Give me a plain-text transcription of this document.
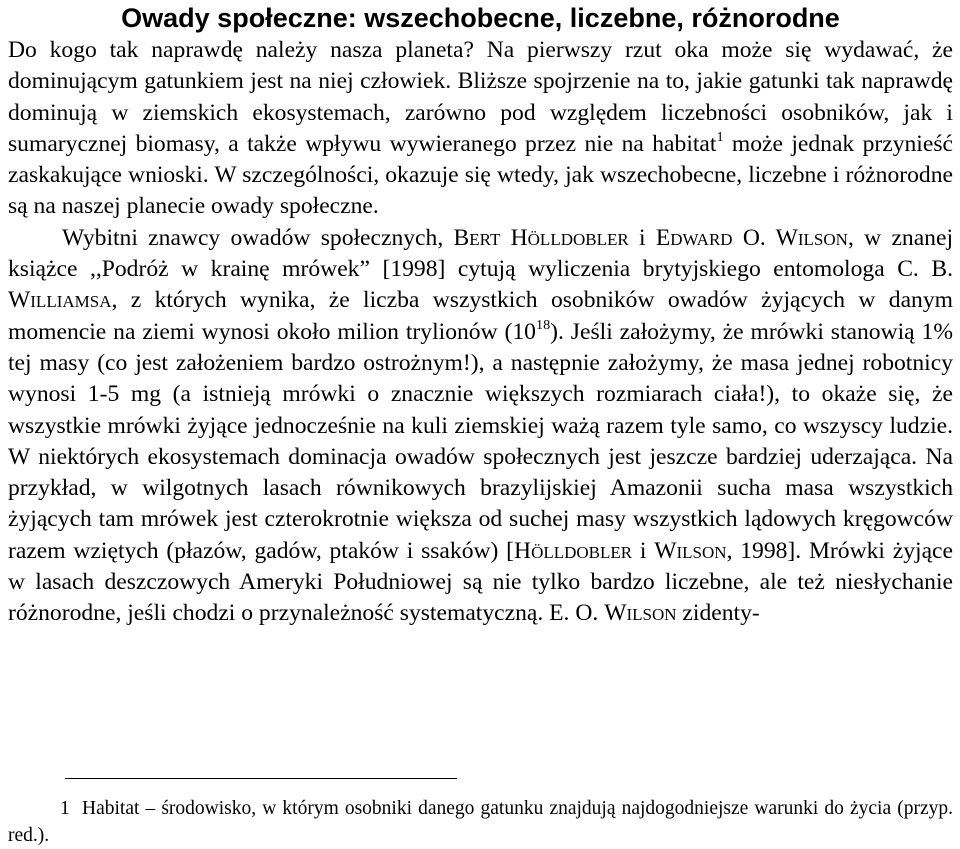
Owady społeczne: wszechobecne, liczebne, różnorodne

Do kogo tak naprawdę należy nasza planeta? Na pierwszy rzut oka może się wydawać, że dominującym gatunkiem jest na niej człowiek. Bliższe spojrzenie na to, jakie gatunki tak naprawdę dominują w ziemskich ekosystemach, zarówno pod względem liczebności osobników, jak i sumarycznej biomasy, a także wpływu wywieranego przez nie na habitat$^1$ może jednak przynieść zaskakujące wnioski. W szczególności, okazuje się wtedy, jak wszechobecne, liczebne i różnorodne są na naszej planecie owady społeczne.

Wybitni znawcy owadów społecznych, Bert Hölldobler i Edward O. Wilson, w znanej książce ,,Podróż w krainę mrówek” [1998] cytują wyliczenia brytyjskiego entomologa C. B. Williamsa, z których wynika, że liczba wszystkich osobników owadów żyjących w danym momencie na ziemi wynosi około milion trylionów $(10^{18})$. Jeśli założymy, że mrówki stanowią 1% tej masy (co jest założeniem bardzo ostrożnym!), a następnie założymy, że masa jednej robotnicy wynosi 1-5 mg (a istnieją mrówki o znacznie większych rozmiarach ciała!), to okaże się, że wszystkie mrówki żyjące jednocześnie na kuli ziemskiej ważą razem tyle samo, co wszyscy ludzie. W niektórych ekosystemach dominacja owadów społecznych jest jeszcze bardziej uderzająca. Na przykład, w wilgotnych lasach równikowych brazylijskiej Amazonii sucha masa wszystkich żyjących tam mrówek jest czterokrotnie większa od suchej masy wszystkich lądowych kręgowców razem wziętych (płazów, gadów, ptaków i ssaków) [Hölldobler i Wilson, 1998]. Mrówki żyjące w lasach deszczowych Ameryki Południowej są nie tylko bardzo liczebne, ale też niesłychanie różnorodne, jeśli chodzi o przynależność systematyczną. E. O. Wilson zidenty-

1 Habitat – środowisko, w którym osobniki danego gatunku znajdują najdogodniejsze warunki do życia (przyp. red.).
